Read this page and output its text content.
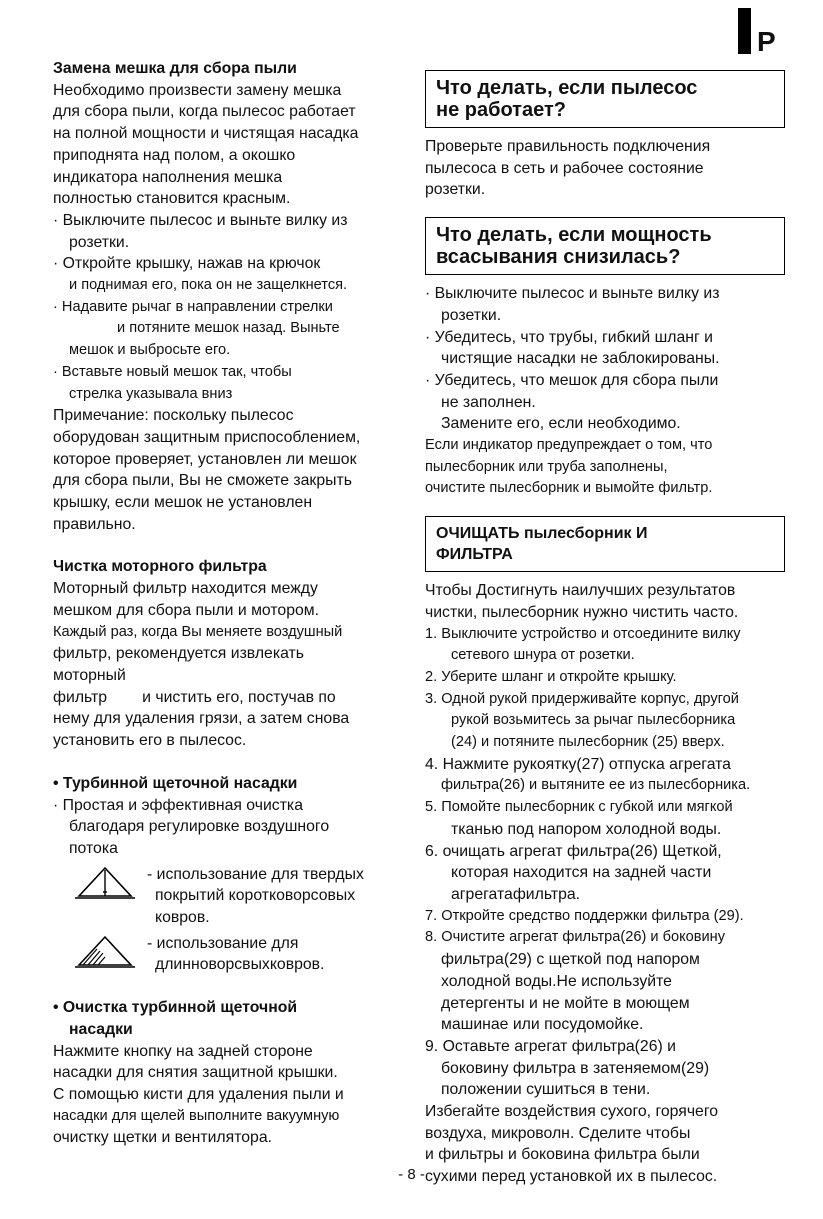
P
Замена мешка для сбора пыли
Необходимо произвести замену мешка
для сбора пыли, когда пылесос работает
на полной мощности и чистящая насадка
приподнята над полом, а окошко
индикатора наполнения мешка
полностью становится красным.
· Выключите пылесос и выньте вилку из
розетки.
· Откройте крышку, нажав на крючок
и поднимая его, пока он не защелкнется.
· Надавите рычаг в направлении стрелки
и потяните мешок назад. Выньте
мешок и выбросьте его.
· Вставьте новый мешок так, чтобы
стрелка указывала вниз
Примечание: поскольку пылесос
оборудован защитным приспособлением,
которое проверяет, установлен ли мешок
для сбора пыли, Вы не сможете закрыть
крышку, если мешок не установлен
правильно.
Чистка моторного фильтра
Моторный фильтр находится между
мешком для сбора пыли и мотором.
Каждый раз, когда Вы меняете воздушный
фильтр, рекомендуется извлекать
моторный
фильтр        и чистить его, постучав по
нему для удаления грязи, а затем снова
установить его в пылесос.
• Турбинной щеточной насадки
· Простая и эффективная очистка
благодаря регулировке воздушного
потока
- использование для твердых
покрытий коротковорсовых
ковров.
- использование для
длинноворсвыхковров.
• Очистка турбинной щеточной
насадки
Нажмите кнопку на задней стороне
насадки для снятия защитной крышки.
С помощью кисти для удаления пыли и
насадки для щелей выполните вакуумную
очистку щетки и вентилятора.
Что делать, если пылесос
не работает?
Проверьте правильность подключения
пылесоса в сеть и рабочее состояние
розетки.
Что делать, если мощность
всасывания снизилась?
· Выключите пылесос и выньте вилку из
розетки.
· Убедитесь, что трубы, гибкий шланг и
чистящие насадки не заблокированы.
· Убедитесь, что мешок для сбора пыли
не заполнен.
Замените его, если необходимо.
Если индикатор предупреждает о том, что
пылесборник или труба заполнены,
очистите пылесборник и вымойте фильтр.
ОЧИЩАТЬ пылесборник И
ФИЛЬТРА
Чтобы Достигнуть наилучших результатов
чистки, пылесборник нужно чистить часто.
1. Выключите устройство и отсоедините вилку
сетевого шнура от розетки.
2. Уберите шланг и откройте крышку.
3. Одной рукой придерживайте корпус, другой
рукой возьмитесь за рычаг пылесборника
(24) и потяните пылесборник (25) вверх.
4. Нажмите рукоятку(27) отпуска агрегата
фильтра(26) и вытяните ее из пылесборника.
5. Помойте пылесборник с губкой или мягкой
тканью под напором холодной воды.
6. очищать агрегат фильтра(26) Щеткой,
которая находится на задней части
агрегатафильтра.
7. Откройте средство поддержки фильтра (29).
8. Очистите агрегат фильтра(26) и боковину
фильтра(29) с щеткой под напором
холодной воды.Не используйте
детергенты и не мойте в моющем
машинае или посудомойке.
9. Оставьте агрегат фильтра(26) и
боковину фильтра в затеняемом(29)
положении сушиться в тени.
Избегайте воздействия сухого, горячего
воздуха, микроволн. Сделите чтобы
и фильтры и боковина фильтра были
сухими перед установкой их в пылесос.
- 8 -
